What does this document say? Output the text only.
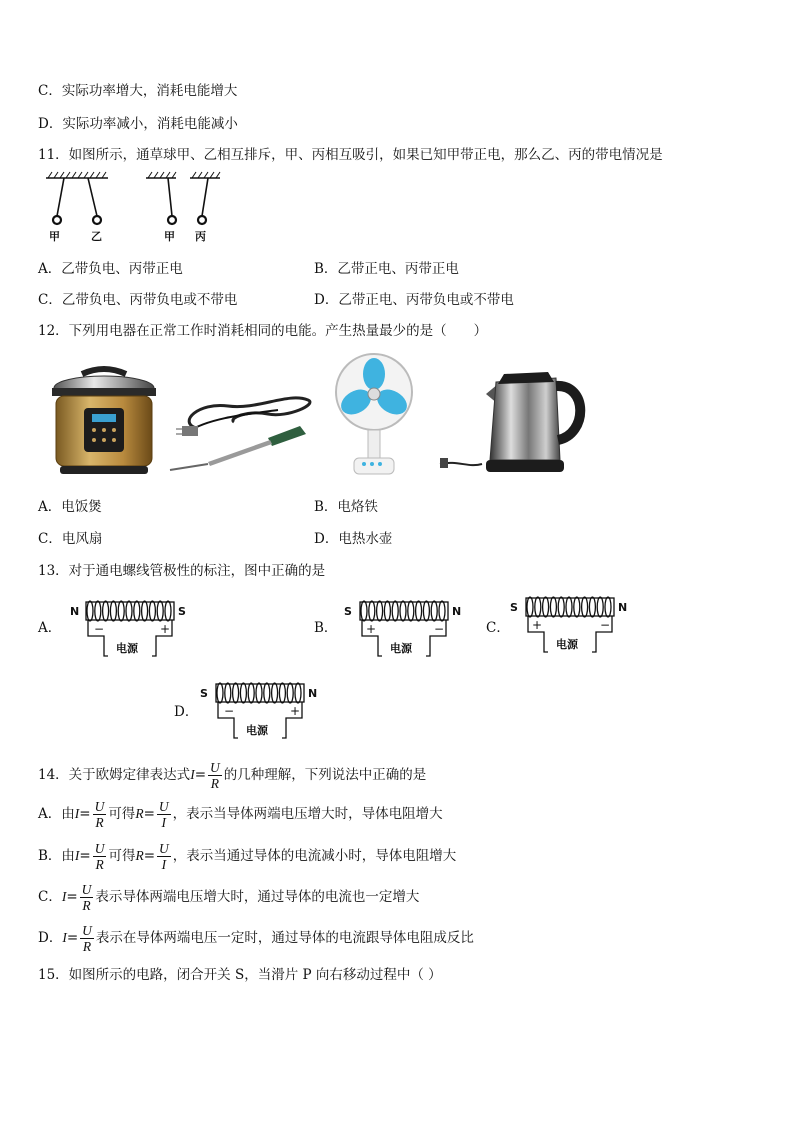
C．实际功率增大，消耗电能增大
D．实际功率减小，消耗电能减小
11．如图所示，通草球甲、乙相互排斥，甲、丙相互吸引，如果已知甲带正电，那么乙、丙的带电情况是
甲	乙	甲 丙
A．乙带负电、丙带正电	B．乙带正电、丙带正电
C．乙带负电、丙带负电或不带电	D．乙带正电、丙带负电或不带电
12．下列用电器在正常工作时消耗相同的电能。产生热量最少的是（　　）
A．电饭煲	B．电烙铁
C．电风扇	D．电热水壶
13．对于通电螺线管极性的标注，图中正确的是
A．	B．	C．
D．
N	S
电源
+
−
S	N
电源
+	−
S	N
电源
+	−
S	N
电源
+
−
14．关于欧姆定律表达式$I= \frac{U}{R}$ 的几种理解，下列说法中正确的是
A．由$I= \frac{U}{R}$ 可得$R= \frac{U}{I}$ ，表示当导体两端电压增大时，导体电阻增大
B．由$I= \frac{U}{R}$ 可得$R= \frac{U}{I}$ ，表示当通过导体的电流减小时，导体电阻增大
C．$I= \frac{U}{R}$ 表示导体两端电压增大时，通过导体的电流也一定增大
D．$I= \frac{U}{R}$ 表示在导体两端电压一定时，通过导体的电流跟导体电阻成反比
15．如图所示的电路，闭合开关 S，当滑片 P 向右移动过程中（ ）
